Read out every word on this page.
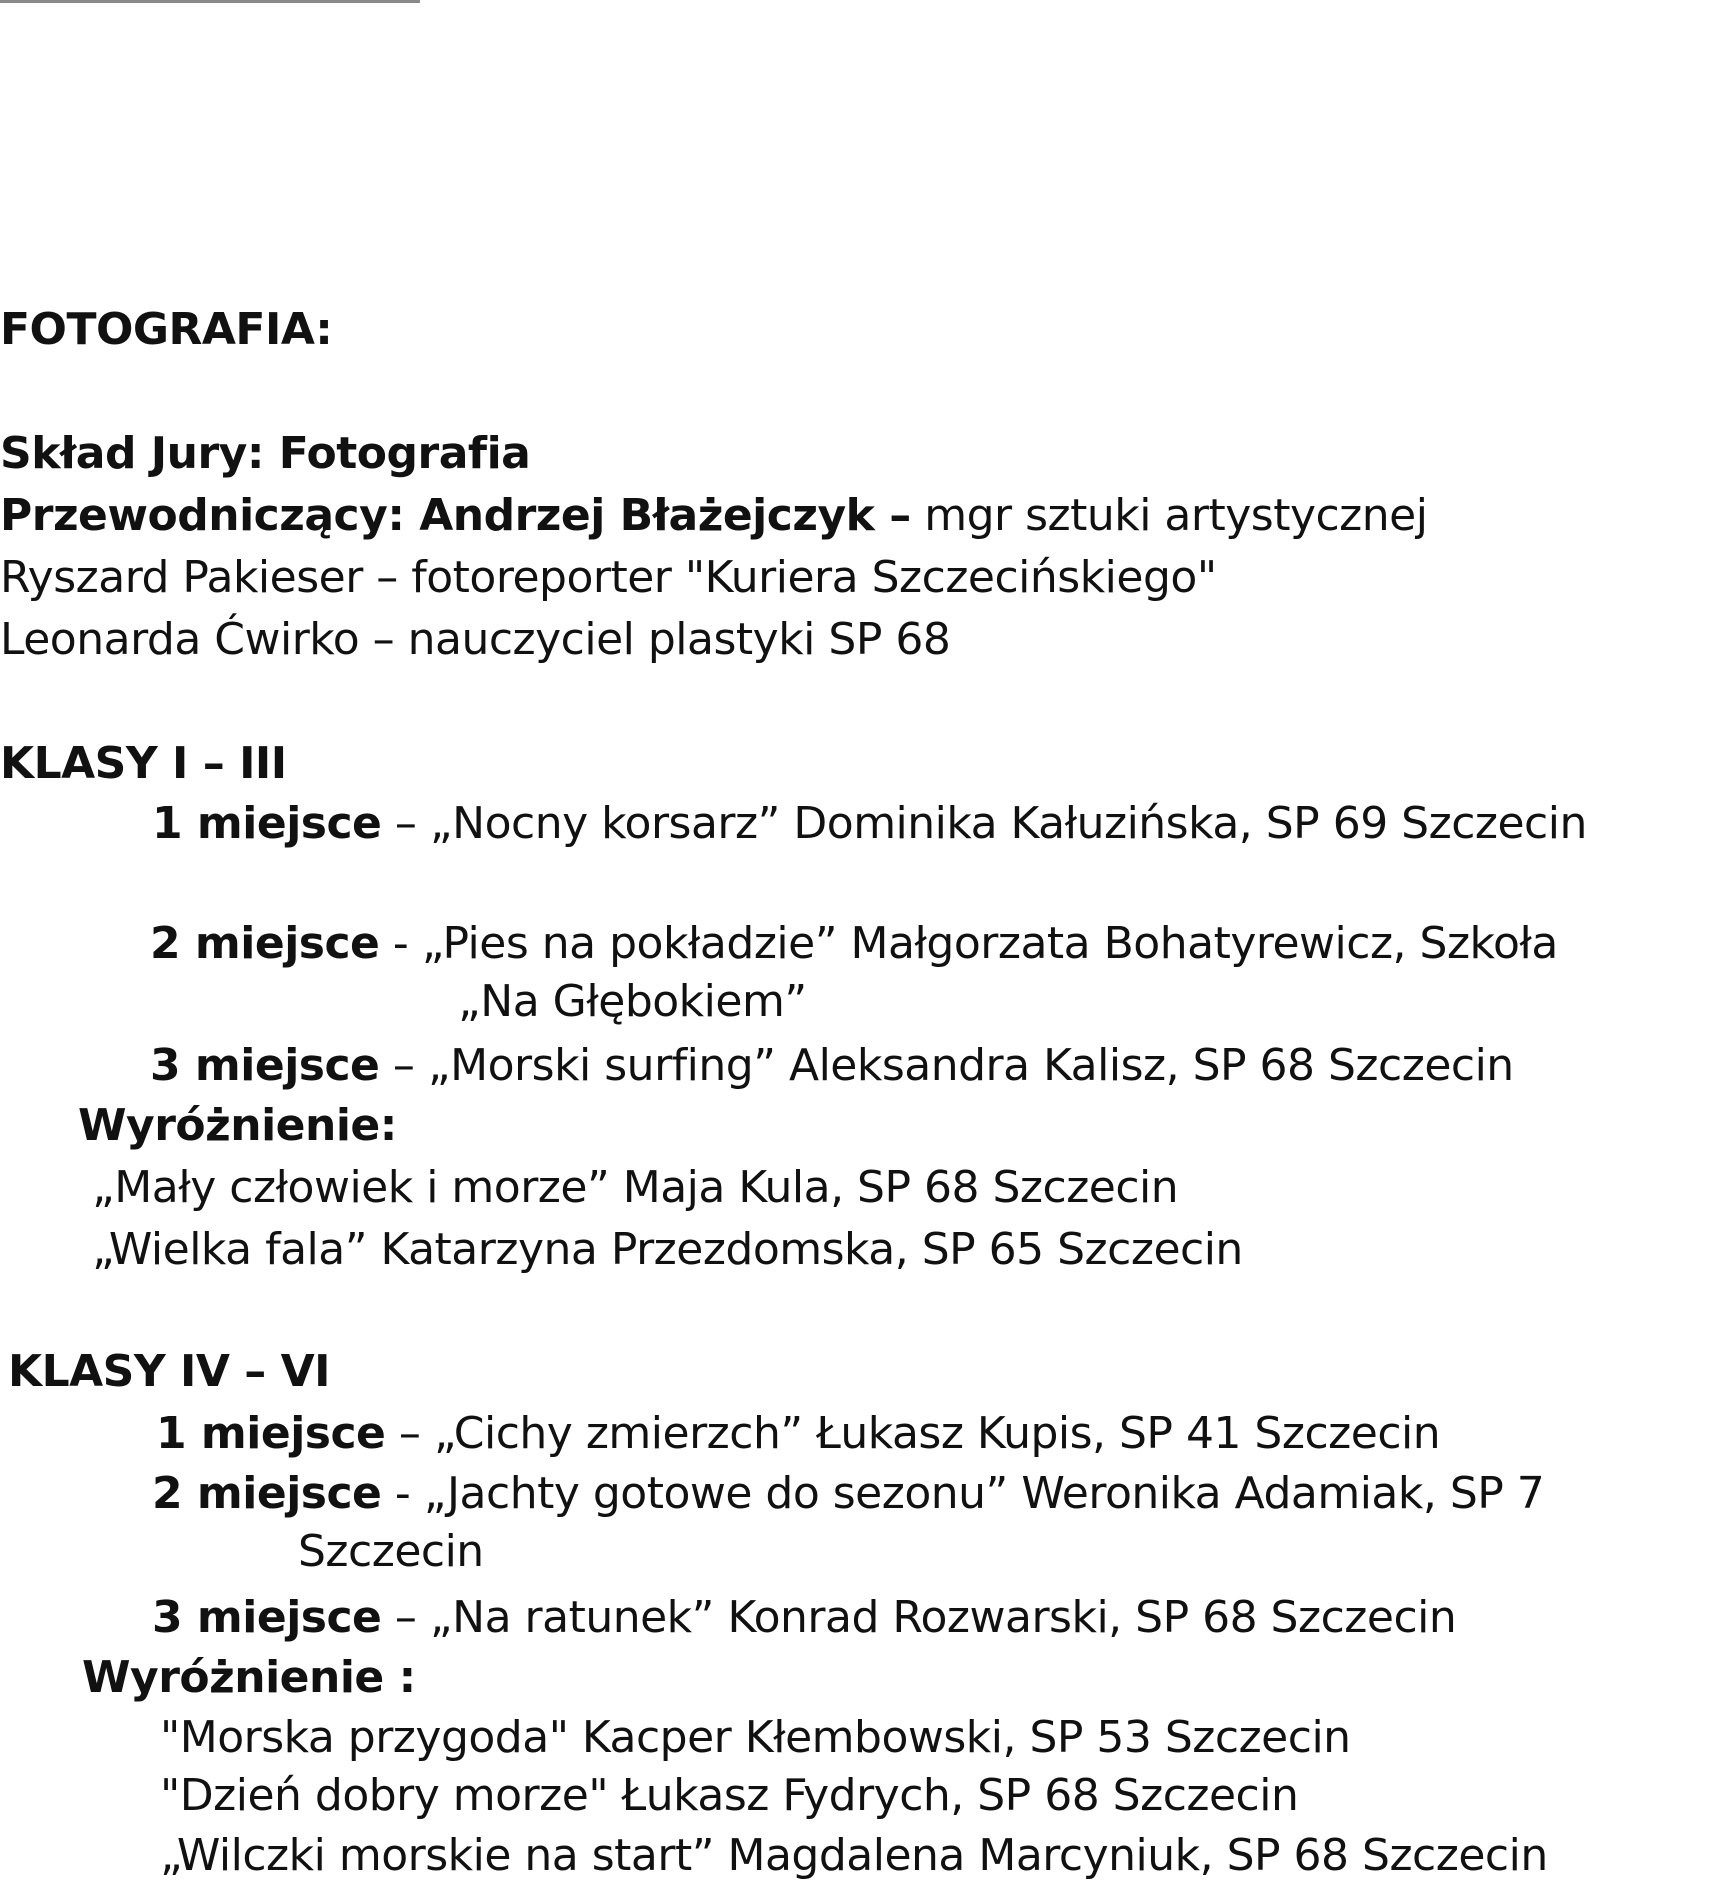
FOTOGRAFIA:
Skład Jury: Fotografia
Przewodniczący: Andrzej Błażejczyk – mgr sztuki artystycznej
Ryszard Pakieser – fotoreporter "Kuriera Szczecińskiego"
Leonarda Ćwirko – nauczyciel plastyki SP 68
KLASY I – III
1 miejsce – „Nocny korsarz” Dominika Kałuzińska, SP 69 Szczecin
2 miejsce - „Pies na pokładzie” Małgorzata Bohatyrewicz, Szkoła
„Na Głębokiem”
3 miejsce – „Morski surfing” Aleksandra Kalisz, SP 68 Szczecin
Wyróżnienie:
„Mały człowiek i morze” Maja Kula, SP 68 Szczecin
„Wielka fala” Katarzyna Przezdomska, SP 65 Szczecin
KLASY IV – VI
1 miejsce – „Cichy zmierzch” Łukasz Kupis, SP 41 Szczecin
2 miejsce - „Jachty gotowe do sezonu” Weronika Adamiak, SP 7
Szczecin
3 miejsce – „Na ratunek” Konrad Rozwarski, SP 68 Szczecin
Wyróżnienie :
"Morska przygoda" Kacper Kłembowski, SP 53 Szczecin
"Dzień dobry morze" Łukasz Fydrych, SP 68 Szczecin
„Wilczki morskie na start” Magdalena Marcyniuk, SP 68 Szczecin
